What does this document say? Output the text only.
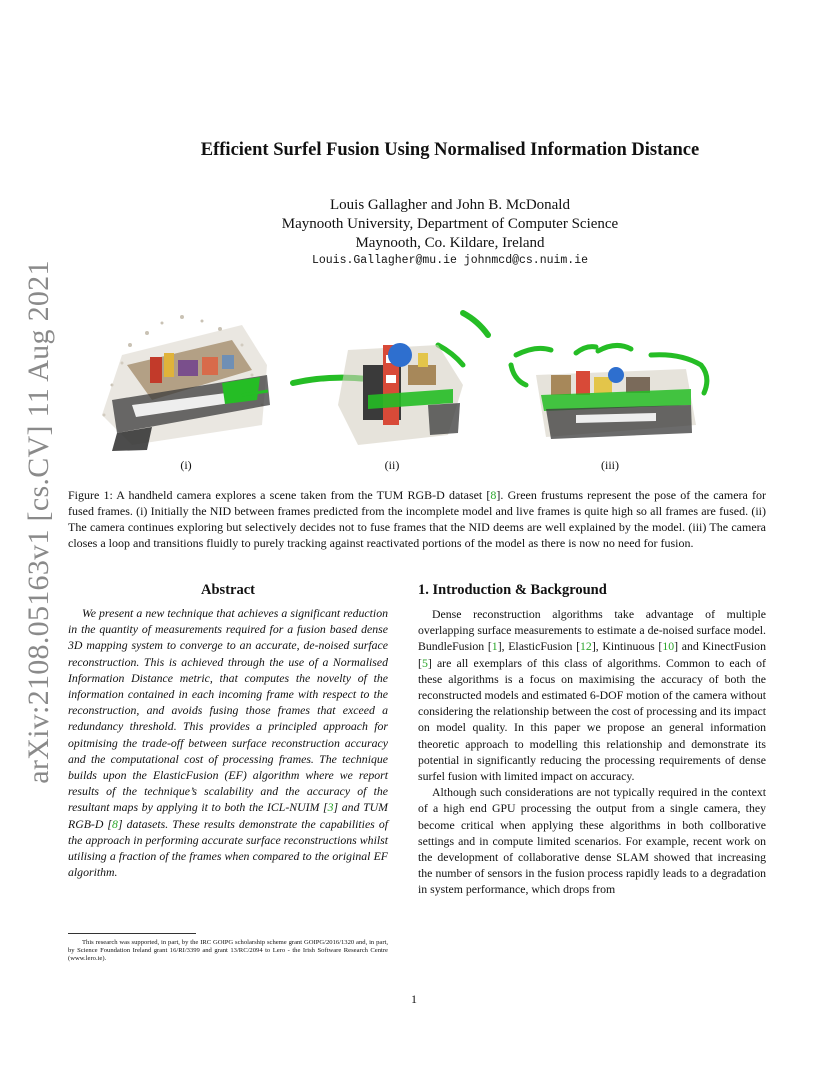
arXiv:2108.05163v1 [cs.CV] 11 Aug 2021
Efficient Surfel Fusion Using Normalised Information Distance
Louis Gallagher and John B. McDonald
Maynooth University, Department of Computer Science
Maynooth, Co. Kildare, Ireland
Louis.Gallagher@mu.ie johnmcd@cs.nuim.ie
(i)	(ii)	(iii)
Figure 1: A handheld camera explores a scene taken from the TUM RGB-D dataset [8]. Green frustums represent the pose of the camera for fused frames. (i) Initially the NID between frames predicted from the incomplete model and live frames is quite high so all frames are fused. (ii) The camera continues exploring but selectively decides not to fuse frames that the NID deems are well explained by the model. (iii) The camera closes a loop and transitions fluidly to purely tracking against reactivated portions of the model as there is now no need for fusion.
Abstract

We present a new technique that achieves a significant reduction in the quantity of measurements required for a fusion based dense 3D mapping system to converge to an accurate, de-noised surface reconstruction. This is achieved through the use of a Normalised Information Distance metric, that computes the novelty of the information contained in each incoming frame with respect to the reconstruction, and avoids fusing those frames that exceed a redundancy threshold. This provides a principled approach for opitmising the trade-off between surface reconstruction accuracy and the computational cost of processing frames. The technique builds upon the ElasticFusion (EF) algorithm where we report results of the technique’s scalability and the accuracy of the resultant maps by applying it to both the ICL-NUIM [3] and TUM RGB-D [8] datasets. These results demonstrate the capabilities of the approach in performing accurate surface reconstructions whilst utilising a fraction of the frames when compared to the original EF algorithm.

This research was supported, in part, by the IRC GOIPG scholarship scheme grant GOIPG/2016/1320 and, in part, by Science Foundation Ireland grant 16/RI/3399 and grant 13/RC/2094 to Lero - the Irish Software Research Centre (www.lero.ie).
1. Introduction & Background

Dense reconstruction algorithms take advantage of multiple overlapping surface measurements to estimate a de-noised surface model. BundleFusion [1], ElasticFusion [12], Kintinuous [10] and KinectFusion [5] are all exemplars of this class of algorithms. Common to each of these algorithms is a focus on maximising the accuracy of both the reconstructed models and estimated 6-DOF motion of the camera without considering the relationship between the cost of processing and its impact on model quality. In this paper we propose an general information theoretic approach to modelling this relationship and demonstrate its potential in significantly reducing the processing requirements of dense surfel fusion with limited impact on accuracy.

Although such considerations are not typically required in the context of a high end GPU processing the output from a single camera, they become critical when applying these algorithms in both collborative settings and in compute limited scenarios. For example, recent work on the development of collaborative dense SLAM showed that increasing the number of sensors in the fusion process rapidly leads to a degradation in system performance, which drops from

1
